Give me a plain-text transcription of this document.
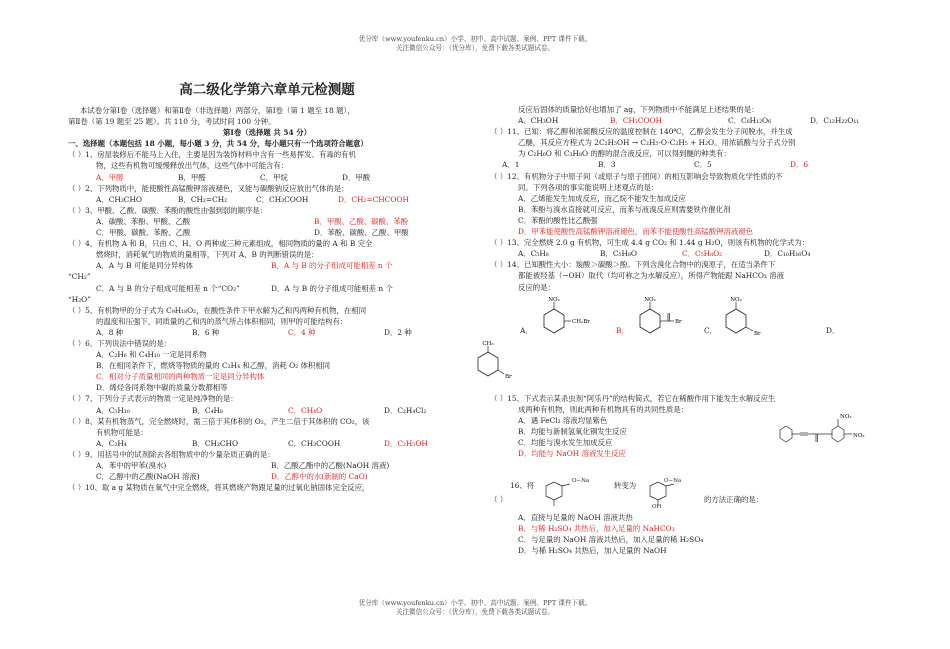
优分库（www.youfenku.cn）小学、初中、高中试题、案例、PPT 课件下载。
关注微信公众号：（优分库），免费下载各类试题试卷。
高二级化学第六章单元检测题
本试卷分第Ⅰ卷（选择题）和第Ⅱ卷（非选择题）两部分，第Ⅰ卷（第 1 题至 18 题），
第Ⅱ卷（第 19 题至 25 题）。共 110 分，考试时间 100 分钟。
第Ⅰ卷（选择题 共 54 分）
一、选择题（本题包括 18 小题，每小题 3 分，共 54 分，每小题只有一个选项符合题意）
（ ）1、房屋装修后不能马上入住，主要是因为装饰材料中含有一些易挥发、有毒的有机
物，这些有机物可缓慢释放出气体，这些气体中可能含有：
A．甲醇	B．甲醛	C．甲烷	D．甲酸
（ ）2、下列物质中，能使酸性高锰酸钾溶液褪色，又能与碳酸钠反应放出气体的是：
A．CH₃CHO	B．CH₂=CH₂	C．CH₃COOH	D．CH₂=CHCOOH
（ ）3、甲酸、乙酸、碳酸、苯酚的酸性由强到弱的顺序是：
A．碳酸、苯酚、甲酸、乙酸	B．甲酸、乙酸、碳酸、苯酚
C．甲酸、碳酸、苯酚、乙酸	D．苯酚、碳酸、乙酸、甲酸
（ ）4、有机物 A 和 B，只由 C、H、O 两种或三种元素组成，相同物质的量的 A 和 B 完全
燃烧时，消耗氧气的物质的量相等，下列对 A、B 的判断错误的是：
A．A 与 B 可能是同分异构体	B．A 与 B 的分子组成可能相差 n 个
“CH₂”
C．A 与 B 的分子组成可能相差 n 个“CO₂”	D．A 与 B 的分子组成可能相差 n 个
“H₂O”
（ ）5、有机物甲的分子式为 C₉H₁₈O₂，在酸性条件下甲水解为乙和丙两种有机物，在相同
的温度和压强下，同质量的乙和丙的蒸气所占体积相同，则甲的可能结构有：
A．8 种	B．6 种	C．4 种	D．2 种
（ ）6、下列说法中错误的是：
A．C₂H₆ 和 C₄H₁₀ 一定是同系物
B．在相同条件下，燃烧等物质的量的 C₂H₄ 和乙醇，消耗 O₂ 体积相同
C．相对分子质量相同的两种物质一定是同分异构体
D．烯烃各同系物中碳的质量分数都相等
（ ）7、下列分子式表示的物质一定是纯净物的是：
A．C₅H₁₀	B．C₄H₈	C．CH₄O	D．C₂H₄Cl₂
（ ）8、某有机物蒸气，完全燃烧时，需三倍于其体积的 O₂，产生二倍于其体积的 CO₂，该
有机物可能是：
A．C₂H₄	B．CH₃CHO	C．CH₃COOH	D．C₂H₅OH
（ ）9、用括号中的试剂除去各组物质中的少量杂质正确的是：
A．苯中的甲苯(溴水)	B．乙酸乙酯中的乙酸(NaOH 溶液)
C．乙醇中的乙酸(NaOH 溶液)	D．乙醇中的水(新制的 CaO)
（ ）10、取 a g 某物质在氧气中完全燃烧，将其燃烧产物跟足量的过氧化钠固体完全反应，
反应后固体的质量恰好也增加了 ag，下列物质中不能满足上述结果的是：
A．CH₃OH	B．CH₃COOH	C．C₆H₁₂O₆	D．C₁₂H₂₂O₁₁
（ ）11、已知：将乙醇和浓硫酸反应的温度控制在 140℃，乙醇会发生分子间脱水，并生成
乙醚，其反应方程式为 2C₂H₅OH → C₂H₅-O-C₂H₅ + H₂O。用浓硫酸与分子式分别
为 C₂H₆O 和 C₃H₈O 的醇的混合液反应，可以得到醚的种类有：
A．1	B．3	C．5	D．6
（ ）12、有机物分子中原子间（或原子与原子团间）的相互影响会导致物质化学性质的不
同。下列各项的事实能说明上述观点的是：
A．乙烯能发生加成反应，而乙烷不能发生加成反应
B．苯酚与溴水直接就可反应，而苯与液溴反应则需要铁作催化剂
C．苯酚的酸性比乙酸强
D．甲苯能使酸性高锰酸钾溶液褪色，而苯不能使酸性高锰酸钾溶液褪色
（ ）13、完全燃烧 2.0 g 有机物，可生成 4.4 g CO₂ 和 1.44 g H₂O，则该有机物的化学式为：
A．C₅H₈	B．C₅H₈O	C．C₅H₈O₂	D．C₁₀H₁₆O₄
（ ）14、已知酸性大小：羧酸＞碳酸＞酚。下列含溴化合物中的溴原子，在适当条件下
都能被羟基（−OH）取代（均可称之为水解反应），所得产物能跟 NaHCO₃ 溶液
反应的是：
A．
NO₂
CH₂Br
B．
NO₂
Br
C．
NO₂
Br	D．
CH₃
Br
（ ）15、下式表示某杀虫剂“阿乐丹”的结构简式，若它在稀酸作用下能发生水解反应生
成两种有机物，则此两种有机物具有的共同性质是：
A．遇 FeCl₃ 溶液均显紫色
B．均能与新制氢氧化铜发生反应
C．均能与溴水发生加成反应
D．均能与 NaOH 溶液发生反应
NO₂
NO₂
（ ）
16、将	O−Na	转变为	O−Na
OH
的方法正确的是：
A．直接与足量的 NaOH 溶液共热
B．与稀 H₂SO₄ 共热后，加入足量的 NaHCO₃
C．与足量的 NaOH 溶液共热后，加入足量的稀 H₂SO₄
D．与稀 H₂SO₄ 共热后，加入足量的 NaOH
优分库（www.youfenku.cn）小学、初中、高中试题、案例、PPT 课件下载。
关注微信公众号：（优分库），免费下载各类试题试卷。
